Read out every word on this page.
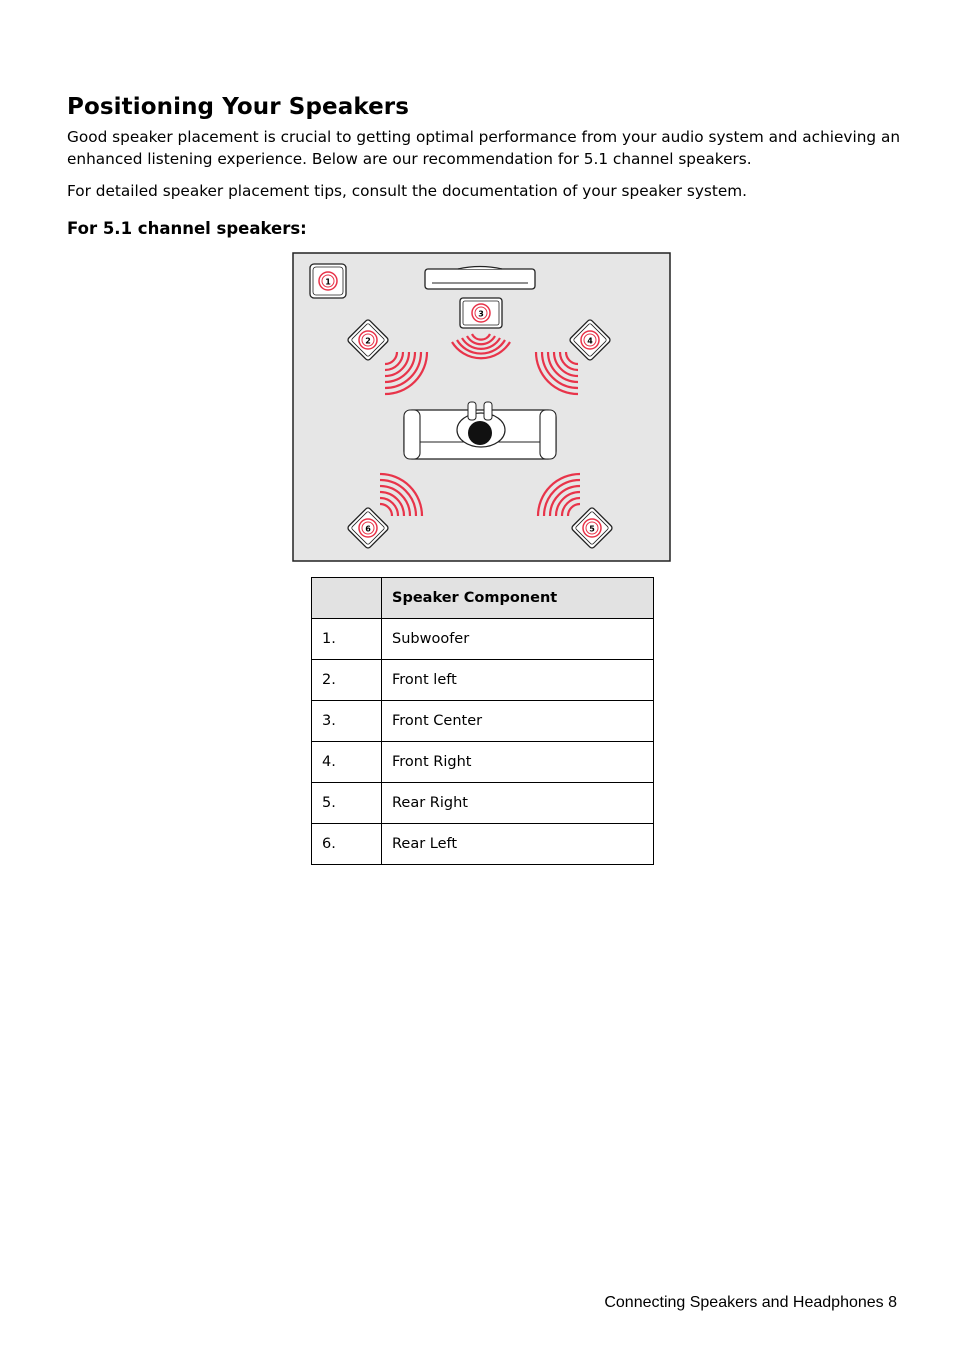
Positioning Your Speakers

Good speaker placement is crucial to getting optimal performance from your audio system and achieving an enhanced listening experience. Below are our recommendation for 5.1 channel speakers.

For detailed speaker placement tips, consult the documentation of your speaker system.

For 5.1 channel speakers:
1
3
2	4
6	5
	Speaker Component
1.	Subwoofer
2.	Front left
3.	Front Center
4.	Front Right
5.	Rear Right
6.	Rear Left
Connecting Speakers and Headphones 8
